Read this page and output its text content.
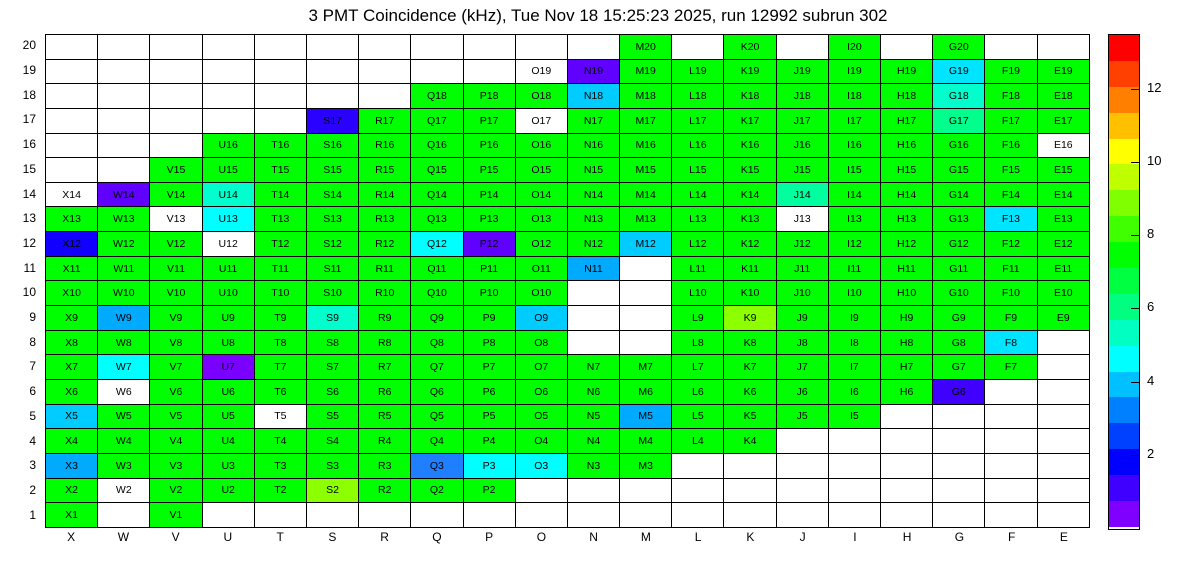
3 PMT Coincidence (kHz), Tue Nov 18 15:25:23 2025, run 12992 subrun 302
20
19
18
17
16
15
14
13
12
11
10
9
8
7
6
5
4
3
2
1
											M20		K20		I20		G20		
									O19	N19	M19	L19	K19	J19	I19	H19	G19	F19	E19
							Q18	P18	O18	N18	M18	L18	K18	J18	I18	H18	G18	F18	E18
					S17	R17	Q17	P17	O17	N17	M17	L17	K17	J17	I17	H17	G17	F17	E17
			U16	T16	S16	R16	Q16	P16	O16	N16	M16	L16	K16	J16	I16	H16	G16	F16	E16
		V15	U15	T15	S15	R15	Q15	P15	O15	N15	M15	L15	K15	J15	I15	H15	G15	F15	E15
X14	W14	V14	U14	T14	S14	R14	Q14	P14	O14	N14	M14	L14	K14	J14	I14	H14	G14	F14	E14
X13	W13	V13	U13	T13	S13	R13	Q13	P13	O13	N13	M13	L13	K13	J13	I13	H13	G13	F13	E13
X12	W12	V12	U12	T12	S12	R12	Q12	P12	O12	N12	M12	L12	K12	J12	I12	H12	G12	F12	E12
X11	W11	V11	U11	T11	S11	R11	Q11	P11	O11	N11		L11	K11	J11	I11	H11	G11	F11	E11
X10	W10	V10	U10	T10	S10	R10	Q10	P10	O10			L10	K10	J10	I10	H10	G10	F10	E10
X9	W9	V9	U9	T9	S9	R9	Q9	P9	O9			L9	K9	J9	I9	H9	G9	F9	E9
X8	W8	V8	U8	T8	S8	R8	Q8	P8	O8			L8	K8	J8	I8	H8	G8	F8	
X7	W7	V7	U7	T7	S7	R7	Q7	P7	O7	N7	M7	L7	K7	J7	I7	H7	G7	F7	
X6	W6	V6	U6	T6	S6	R6	Q6	P6	O6	N6	M6	L6	K6	J6	I6	H6	G6		
X5	W5	V5	U5	T5	S5	R5	Q5	P5	O5	N5	M5	L5	K5	J5	I5				
X4	W4	V4	U4	T4	S4	R4	Q4	P4	O4	N4	M4	L4	K4						
X3	W3	V3	U3	T3	S3	R3	Q3	P3	O3	N3	M3								
X2	W2	V2	U2	T2	S2	R2	Q2	P2											
X1		V1																	
X	W	V	U	T	S	R	Q	P	O	N	M	L	K	J	I	H	G	F	E
2
4
6
8
10
12
